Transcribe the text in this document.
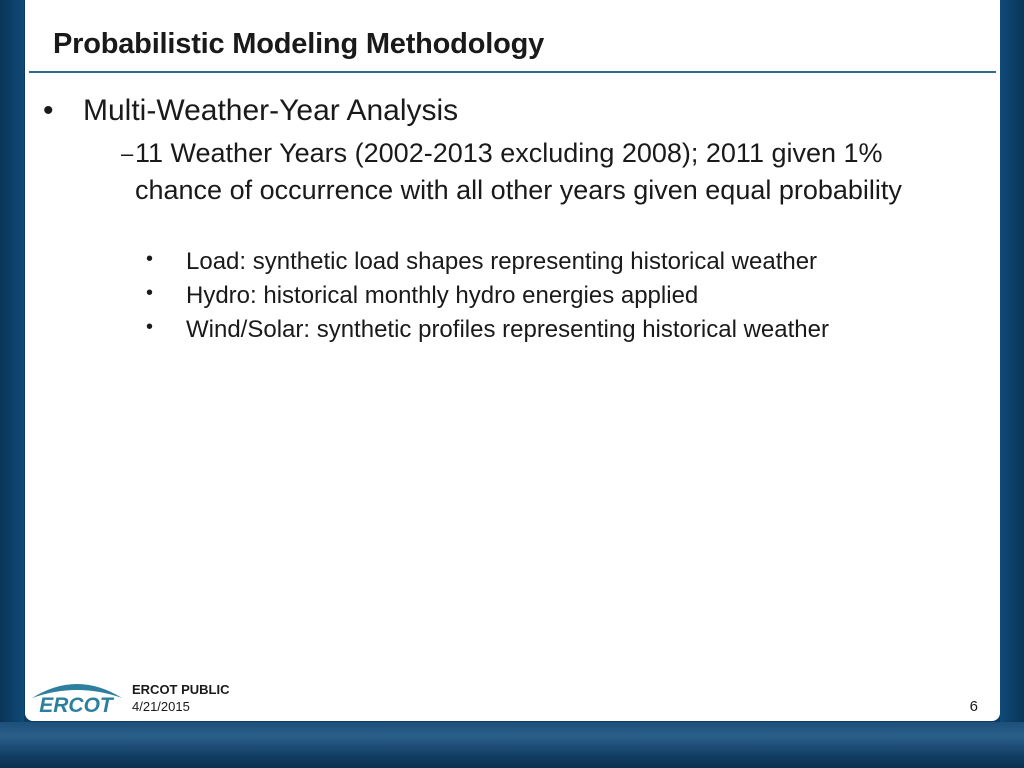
Probabilistic Modeling Methodology
• Multi-Weather-Year Analysis
– 11 Weather Years (2002-2013 excluding 2008); 2011 given 1% chance of occurrence with all other years given equal probability
• Load: synthetic load shapes representing historical weather
• Hydro: historical monthly hydro energies applied
• Wind/Solar: synthetic profiles representing historical weather
ERCOT
ERCOT PUBLIC
4/21/2015	6
